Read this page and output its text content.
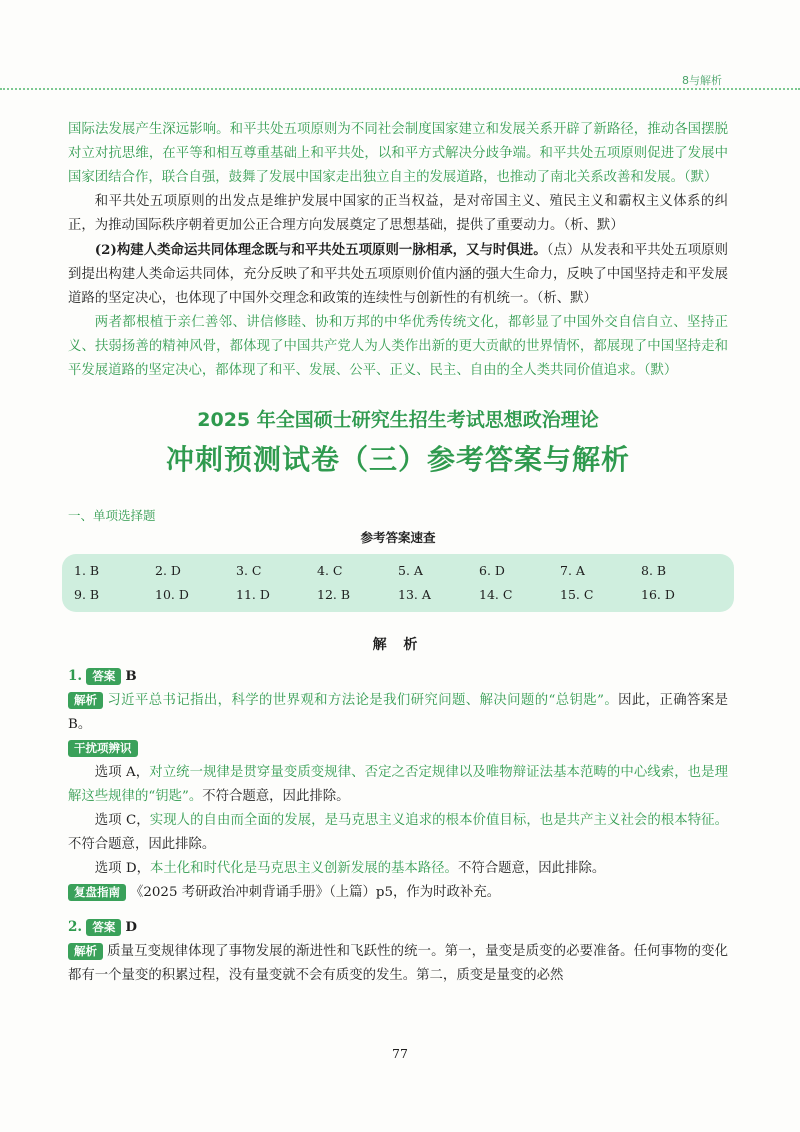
8与解析

国际法发展产生深远影响。和平共处五项原则为不同社会制度国家建立和发展关系开辟了新路径，推动各国摆脱对立对抗思维，在平等和相互尊重基础上和平共处，以和平方式解决分歧争端。和平共处五项原则促进了发展中国家团结合作，联合自强，鼓舞了发展中国家走出独立自主的发展道路，也推动了南北关系改善和发展。（默）

和平共处五项原则的出发点是维护发展中国家的正当权益，是对帝国主义、殖民主义和霸权主义体系的纠正，为推动国际秩序朝着更加公正合理方向发展奠定了思想基础，提供了重要动力。（析、默）

(2)构建人类命运共同体理念既与和平共处五项原则一脉相承，又与时俱进。（点）从发表和平共处五项原则到提出构建人类命运共同体，充分反映了和平共处五项原则价值内涵的强大生命力，反映了中国坚持走和平发展道路的坚定决心，也体现了中国外交理念和政策的连续性与创新性的有机统一。（析、默）

两者都根植于亲仁善邻、讲信修睦、协和万邦的中华优秀传统文化，都彰显了中国外交自信自立、坚持正义、扶弱扬善的精神风骨，都体现了中国共产党人为人类作出新的更大贡献的世界情怀，都展现了中国坚持走和平发展道路的坚定决心，都体现了和平、发展、公平、正义、民主、自由的全人类共同价值追求。（默）

2025 年全国硕士研究生招生考试思想政治理论
冲刺预测试卷（三）参考答案与解析
一、单项选择题
参考答案速查
1. B	2. D	3. C	4. C	5. A	6. D	7. A	8. B
9. B	10. D	11. D	12. B	13. A	14. C	15. C	16. D
解 析

1. 答案 B

解析 习近平总书记指出，科学的世界观和方法论是我们研究问题、解决问题的“总钥匙”。因此，正确答案是 B。

干扰项辨识

选项 A，对立统一规律是贯穿量变质变规律、否定之否定规律以及唯物辩证法基本范畴的中心线索，也是理解这些规律的“钥匙”。不符合题意，因此排除。

选项 C，实现人的自由而全面的发展，是马克思主义追求的根本价值目标，也是共产主义社会的根本特征。不符合题意，因此排除。

选项 D，本土化和时代化是马克思主义创新发展的基本路径。不符合题意，因此排除。

复盘指南 《2025 考研政治冲刺背诵手册》（上篇）p5，作为时政补充。

2. 答案 D

解析 质量互变规律体现了事物发展的渐进性和飞跃性的统一。第一，量变是质变的必要准备。任何事物的变化都有一个量变的积累过程，没有量变就不会有质变的发生。第二，质变是量变的必然

77
